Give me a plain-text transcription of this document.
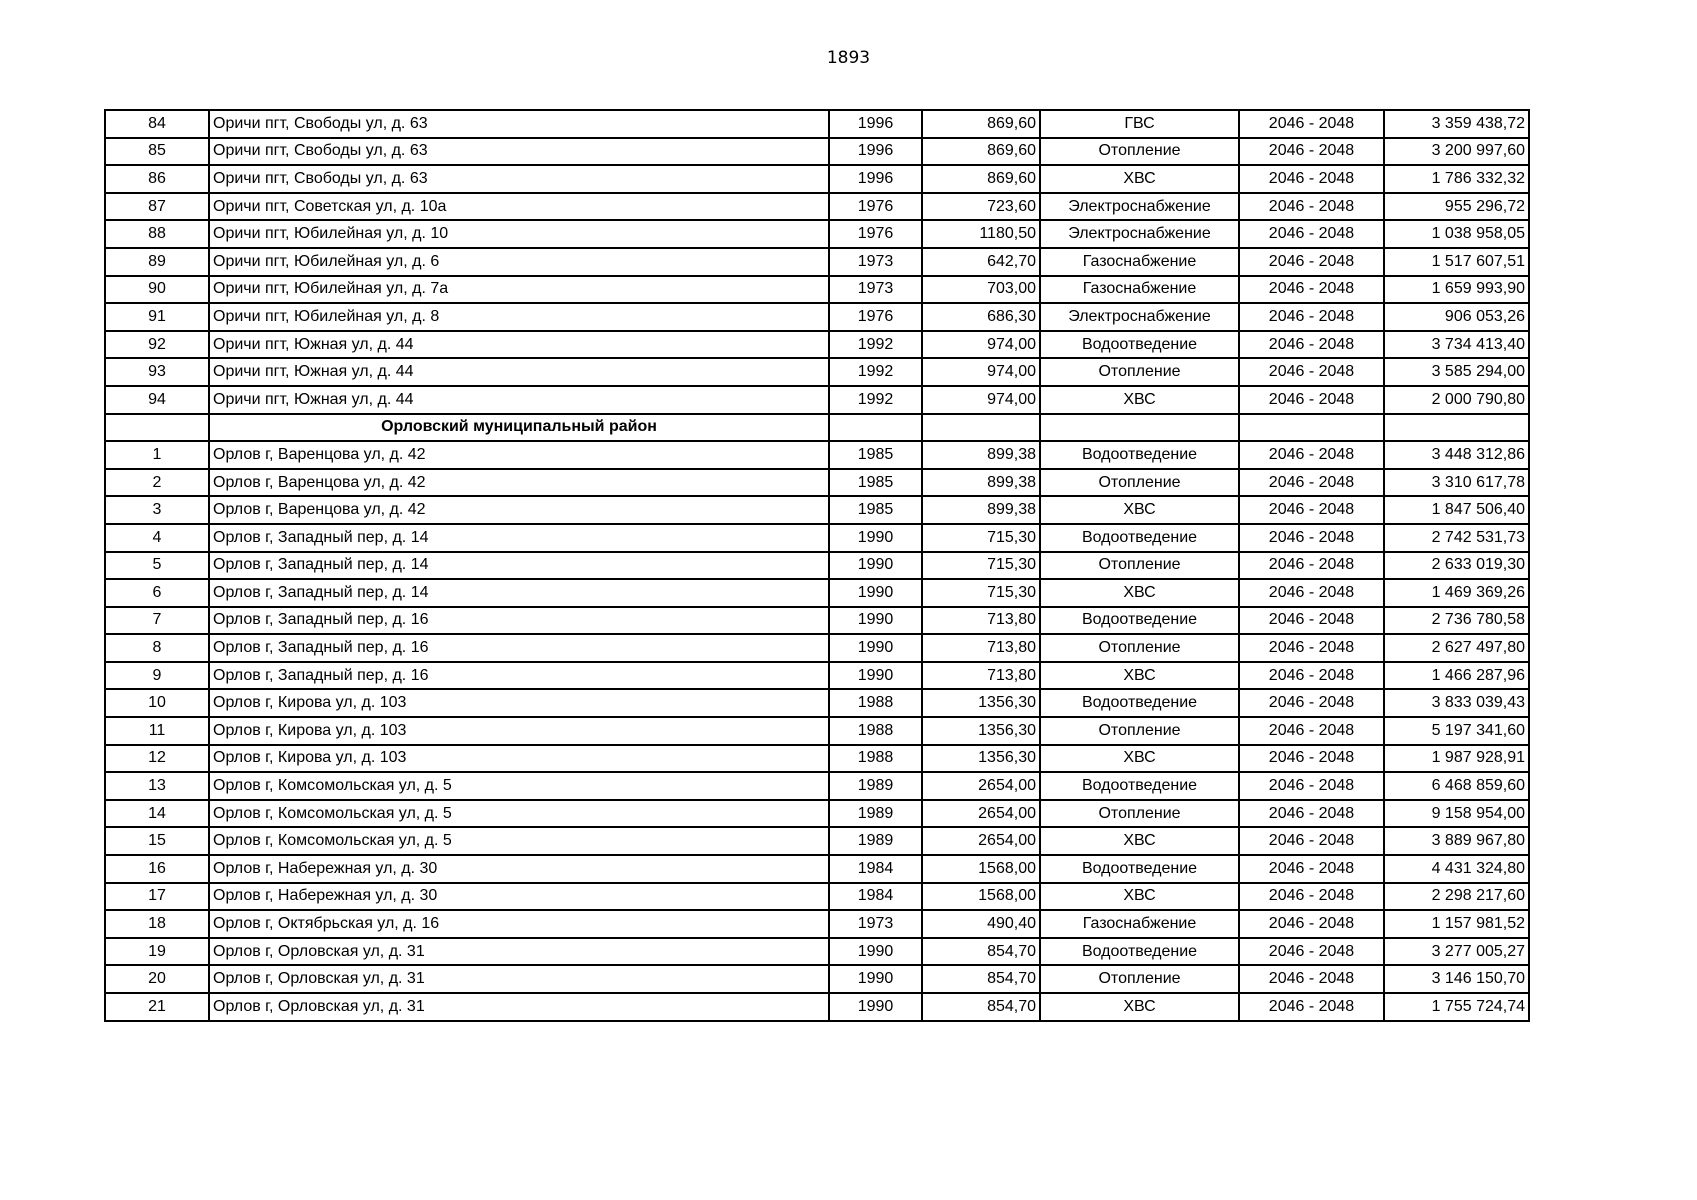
1893
84	Оричи пгт, Свободы ул, д. 63	1996	869,60	ГВС	2046 - 2048	3 359 438,72
85	Оричи пгт, Свободы ул, д. 63	1996	869,60	Отопление	2046 - 2048	3 200 997,60
86	Оричи пгт, Свободы ул, д. 63	1996	869,60	ХВС	2046 - 2048	1 786 332,32
87	Оричи пгт, Советская ул, д. 10а	1976	723,60	Электроснабжение	2046 - 2048	955 296,72
88	Оричи пгт, Юбилейная ул, д. 10	1976	1180,50	Электроснабжение	2046 - 2048	1 038 958,05
89	Оричи пгт, Юбилейная ул, д. 6	1973	642,70	Газоснабжение	2046 - 2048	1 517 607,51
90	Оричи пгт, Юбилейная ул, д. 7а	1973	703,00	Газоснабжение	2046 - 2048	1 659 993,90
91	Оричи пгт, Юбилейная ул, д. 8	1976	686,30	Электроснабжение	2046 - 2048	906 053,26
92	Оричи пгт, Южная ул, д. 44	1992	974,00	Водоотведение	2046 - 2048	3 734 413,40
93	Оричи пгт, Южная ул, д. 44	1992	974,00	Отопление	2046 - 2048	3 585 294,00
94	Оричи пгт, Южная ул, д. 44	1992	974,00	ХВС	2046 - 2048	2 000 790,80
	Орловский муниципальный район					
1	Орлов г, Варенцова ул, д. 42	1985	899,38	Водоотведение	2046 - 2048	3 448 312,86
2	Орлов г, Варенцова ул, д. 42	1985	899,38	Отопление	2046 - 2048	3 310 617,78
3	Орлов г, Варенцова ул, д. 42	1985	899,38	ХВС	2046 - 2048	1 847 506,40
4	Орлов г, Западный пер, д. 14	1990	715,30	Водоотведение	2046 - 2048	2 742 531,73
5	Орлов г, Западный пер, д. 14	1990	715,30	Отопление	2046 - 2048	2 633 019,30
6	Орлов г, Западный пер, д. 14	1990	715,30	ХВС	2046 - 2048	1 469 369,26
7	Орлов г, Западный пер, д. 16	1990	713,80	Водоотведение	2046 - 2048	2 736 780,58
8	Орлов г, Западный пер, д. 16	1990	713,80	Отопление	2046 - 2048	2 627 497,80
9	Орлов г, Западный пер, д. 16	1990	713,80	ХВС	2046 - 2048	1 466 287,96
10	Орлов г, Кирова ул, д. 103	1988	1356,30	Водоотведение	2046 - 2048	3 833 039,43
11	Орлов г, Кирова ул, д. 103	1988	1356,30	Отопление	2046 - 2048	5 197 341,60
12	Орлов г, Кирова ул, д. 103	1988	1356,30	ХВС	2046 - 2048	1 987 928,91
13	Орлов г, Комсомольская ул, д. 5	1989	2654,00	Водоотведение	2046 - 2048	6 468 859,60
14	Орлов г, Комсомольская ул, д. 5	1989	2654,00	Отопление	2046 - 2048	9 158 954,00
15	Орлов г, Комсомольская ул, д. 5	1989	2654,00	ХВС	2046 - 2048	3 889 967,80
16	Орлов г, Набережная ул, д. 30	1984	1568,00	Водоотведение	2046 - 2048	4 431 324,80
17	Орлов г, Набережная ул, д. 30	1984	1568,00	ХВС	2046 - 2048	2 298 217,60
18	Орлов г, Октябрьская ул, д. 16	1973	490,40	Газоснабжение	2046 - 2048	1 157 981,52
19	Орлов г, Орловская ул, д. 31	1990	854,70	Водоотведение	2046 - 2048	3 277 005,27
20	Орлов г, Орловская ул, д. 31	1990	854,70	Отопление	2046 - 2048	3 146 150,70
21	Орлов г, Орловская ул, д. 31	1990	854,70	ХВС	2046 - 2048	1 755 724,74
